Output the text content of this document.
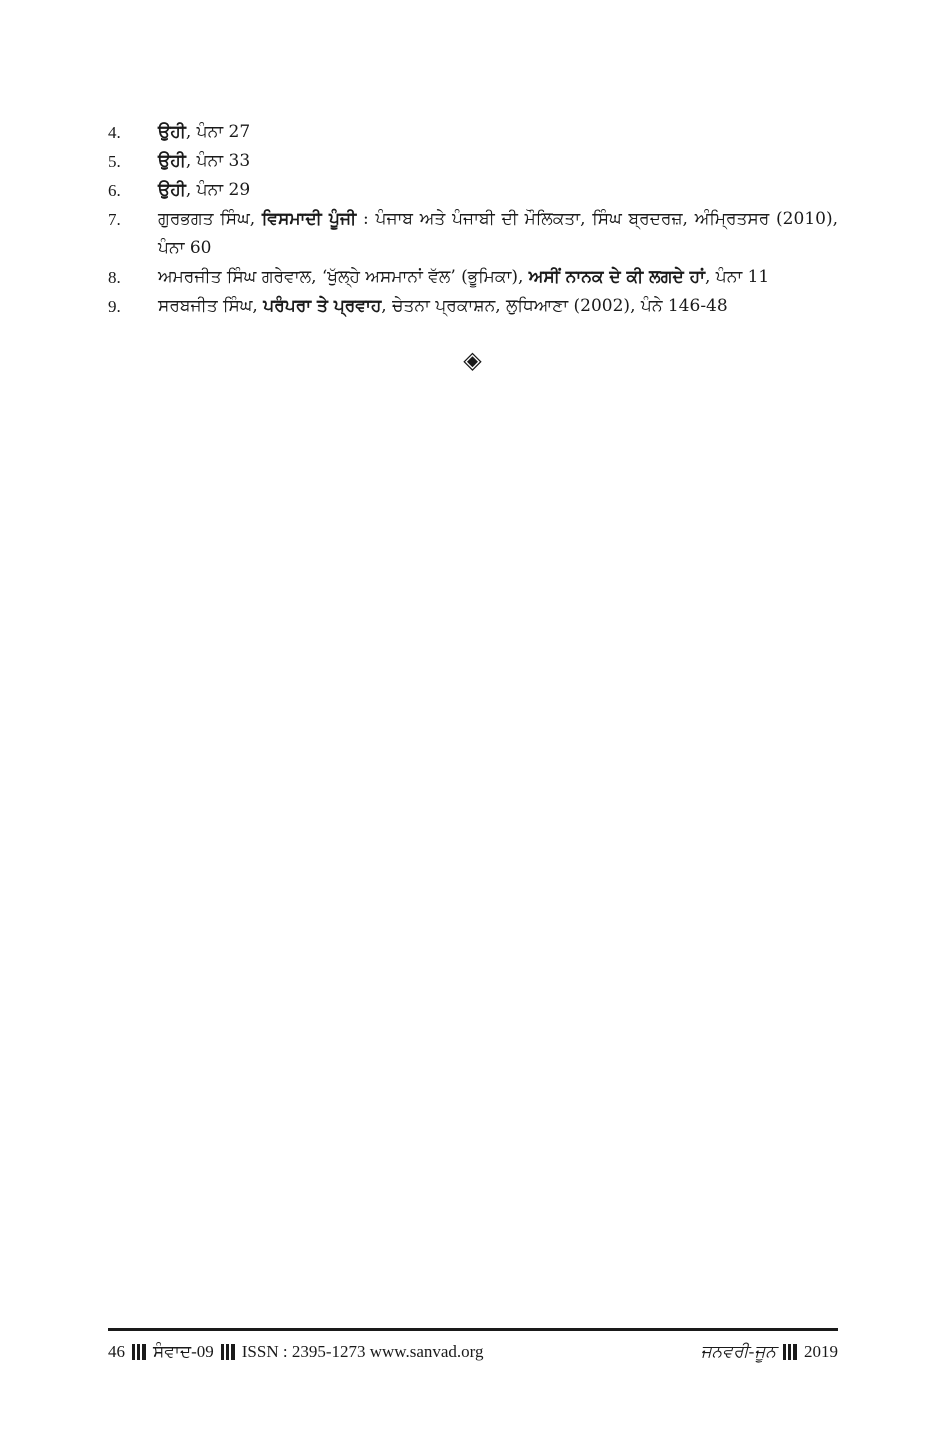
4.	ਉਹੀ, ਪੰਨਾ 27
5.	ਉਹੀ, ਪੰਨਾ 33
6.	ਉਹੀ, ਪੰਨਾ 29
7.	ਗੁਰਭਗਤ ਸਿੰਘ, ਵਿਸਮਾਦੀ ਪੂੰਜੀ : ਪੰਜਾਬ ਅਤੇ ਪੰਜਾਬੀ ਦੀ ਮੌਲਿਕਤਾ, ਸਿੰਘ ਬ੍ਰਦਰਜ਼, ਅੰਮ੍ਰਿਤਸਰ (2010), ਪੰਨਾ 60
8.	ਅਮਰਜੀਤ ਸਿੰਘ ਗਰੇਵਾਲ, ‘ਖੁੱਲ੍ਹੇ ਅਸਮਾਨਾਂ ਵੱਲ’ (ਭੂਮਿਕਾ), ਅਸੀਂ ਨਾਨਕ ਦੇ ਕੀ ਲਗਦੇ ਹਾਂ, ਪੰਨਾ 11
9.	ਸਰਬਜੀਤ ਸਿੰਘ, ਪਰੰਪਰਾ ਤੇ ਪ੍ਰਵਾਹ, ਚੇਤਨਾ ਪ੍ਰਕਾਸ਼ਨ, ਲੁਧਿਆਣਾ (2002), ਪੰਨੇ 146-48
◈
46 ਸੰਵਾਦ-09 ISSN : 2395-1273 www.sanvad.org	ਜਨਵਰੀ-ਜੂਨ 2019
